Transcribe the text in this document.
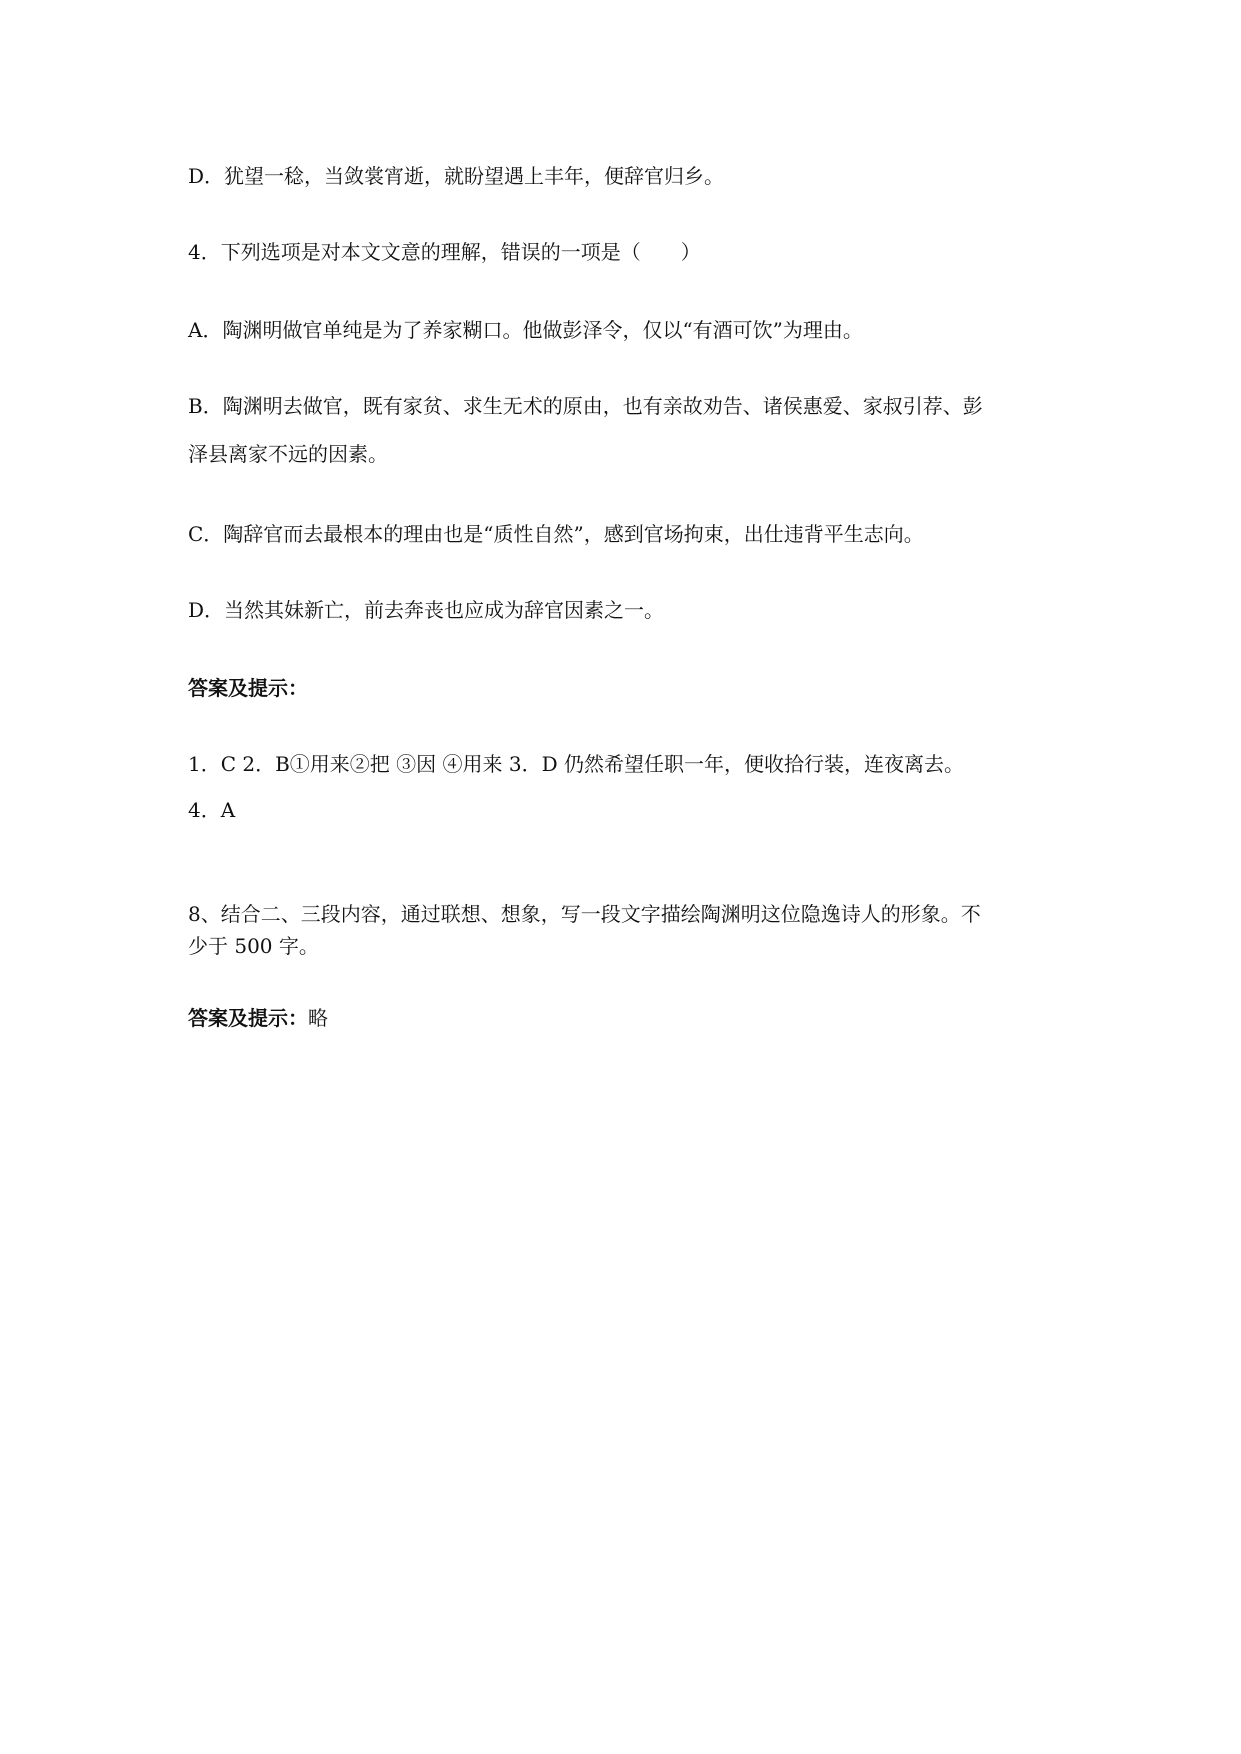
D．犹望一稔，当敛裳宵逝，就盼望遇上丰年，便辞官归乡。
4．下列选项是对本文文意的理解，错误的一项是（　　）
A．陶渊明做官单纯是为了养家糊口。他做彭泽令，仅以“有酒可饮”为理由。
B．陶渊明去做官，既有家贫、求生无术的原由，也有亲故劝告、诸侯惠爱、家叔引荐、彭
泽县离家不远的因素。
C．陶辞官而去最根本的理由也是“质性自然”，感到官场拘束，出仕违背平生志向。
D．当然其妹新亡，前去奔丧也应成为辞官因素之一。
答案及提示：
1．C 2．B①用来②把 ③因 ④用来 3．D 仍然希望任职一年，便收拾行装，连夜离去。
4．A
8、结合二、三段内容，通过联想、想象，写一段文字描绘陶渊明这位隐逸诗人的形象。不
少于 500 字。
答案及提示：略
